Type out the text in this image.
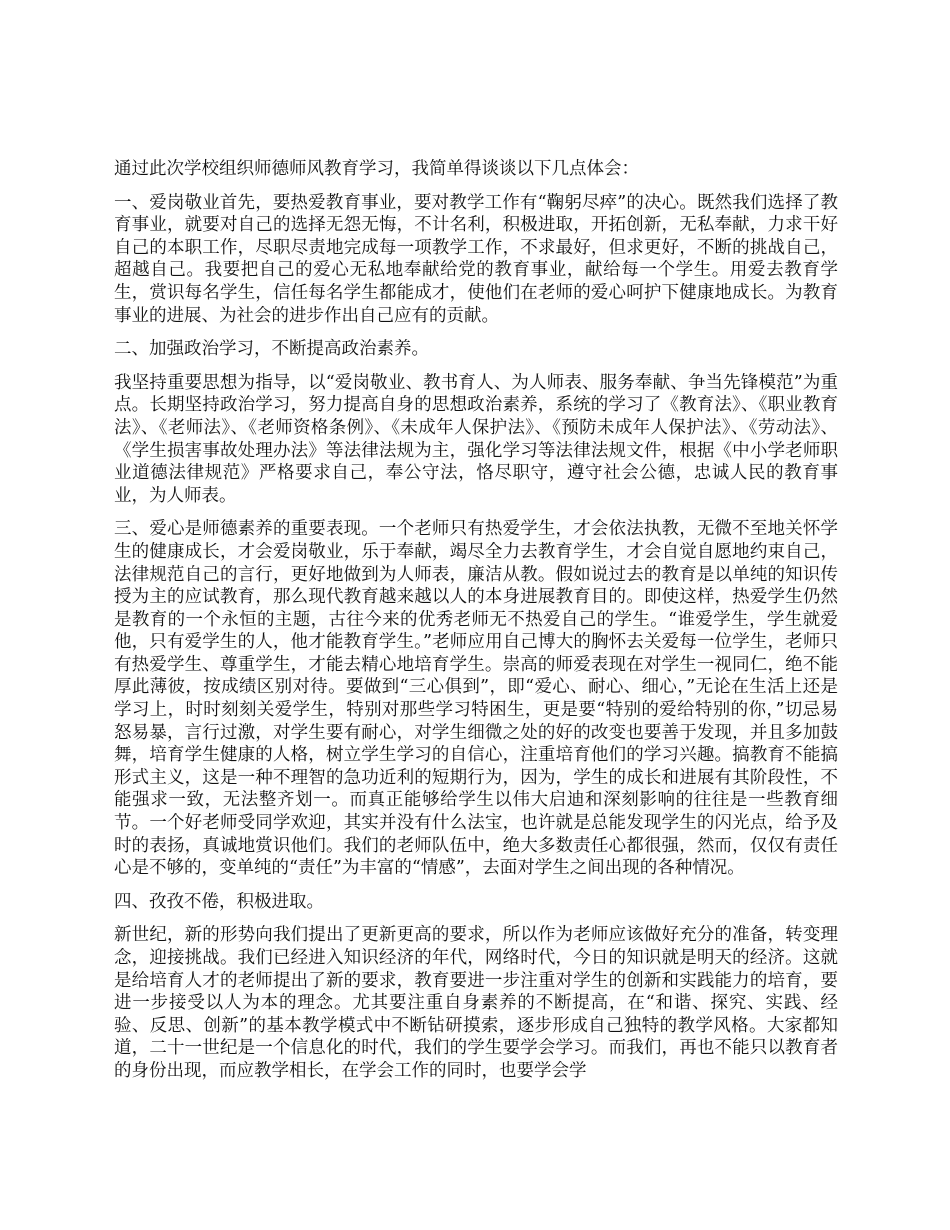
通过此次学校组织师德师风教育学习，我简单得谈谈以下几点体会：

一、爱岗敬业首先，要热爱教育事业，要对教学工作有“鞠躬尽瘁”的决心。既然我们选择了教育事业，就要对自己的选择无怨无悔，不计名利，积极进取，开拓创新，无私奉献，力求干好自己的本职工作，尽职尽责地完成每一项教学工作，不求最好，但求更好，不断的挑战自己，超越自己。我要把自己的爱心无私地奉献给党的教育事业，献给每一个学生。用爱去教育学生，赏识每名学生，信任每名学生都能成才，使他们在老师的爱心呵护下健康地成长。为教育事业的进展、为社会的进步作出自己应有的贡献。

二、加强政治学习，不断提高政治素养。

我坚持重要思想为指导，以“爱岗敬业、教书育人、为人师表、服务奉献、争当先锋模范”为重点。长期坚持政治学习，努力提高自身的思想政治素养，系统的学习了《教育法》、《职业教育法》、《老师法》、《老师资格条例》、《未成年人保护法》、《预防未成年人保护法》、《劳动法》、《学生损害事故处理办法》等法律法规为主，强化学习等法律法规文件，根据《中小学老师职业道德法律规范》严格要求自己，奉公守法，恪尽职守，遵守社会公德，忠诚人民的教育事业，为人师表。

三、爱心是师德素养的重要表现。一个老师只有热爱学生，才会依法执教，无微不至地关怀学生的健康成长，才会爱岗敬业，乐于奉献，竭尽全力去教育学生，才会自觉自愿地约束自己，法律规范自己的言行，更好地做到为人师表，廉洁从教。假如说过去的教育是以单纯的知识传授为主的应试教育，那么现代教育越来越以人的本身进展教育目的。即使这样，热爱学生仍然是教育的一个永恒的主题，古往今来的优秀老师无不热爱自己的学生。“谁爱学生，学生就爱他，只有爱学生的人，他才能教育学生。”老师应用自己博大的胸怀去关爱每一位学生，老师只有热爱学生、尊重学生，才能去精心地培育学生。崇高的师爱表现在对学生一视同仁，绝不能厚此薄彼，按成绩区别对待。要做到“三心俱到”，即“爱心、耐心、细心，”无论在生活上还是学习上，时时刻刻关爱学生，特别对那些学习特困生，更是要“特别的爱给特别的你，”切忌易怒易暴，言行过激，对学生要有耐心，对学生细微之处的好的改变也要善于发现，并且多加鼓舞，培育学生健康的人格，树立学生学习的自信心，注重培育他们的学习兴趣。搞教育不能搞形式主义，这是一种不理智的急功近利的短期行为，因为，学生的成长和进展有其阶段性，不能强求一致，无法整齐划一。而真正能够给学生以伟大启迪和深刻影响的往往是一些教育细节。一个好老师受同学欢迎，其实并没有什么法宝，也许就是总能发现学生的闪光点，给予及时的表扬，真诚地赏识他们。我们的老师队伍中，绝大多数责任心都很强，然而，仅仅有责任心是不够的，变单纯的“责任”为丰富的“情感”，去面对学生之间出现的各种情况。

四、孜孜不倦，积极进取。

新世纪，新的形势向我们提出了更新更高的要求，所以作为老师应该做好充分的准备，转变理念，迎接挑战。我们已经进入知识经济的年代，网络时代，今日的知识就是明天的经济。这就是给培育人才的老师提出了新的要求，教育要进一步注重对学生的创新和实践能力的培育，要进一步接受以人为本的理念。尤其要注重自身素养的不断提高，在“和谐、探究、实践、经验、反思、创新”的基本教学模式中不断钻研摸索，逐步形成自己独特的教学风格。大家都知道，二十一世纪是一个信息化的时代，我们的学生要学会学习。而我们，再也不能只以教育者的身份出现，而应教学相长，在学会工作的同时，也要学会学
